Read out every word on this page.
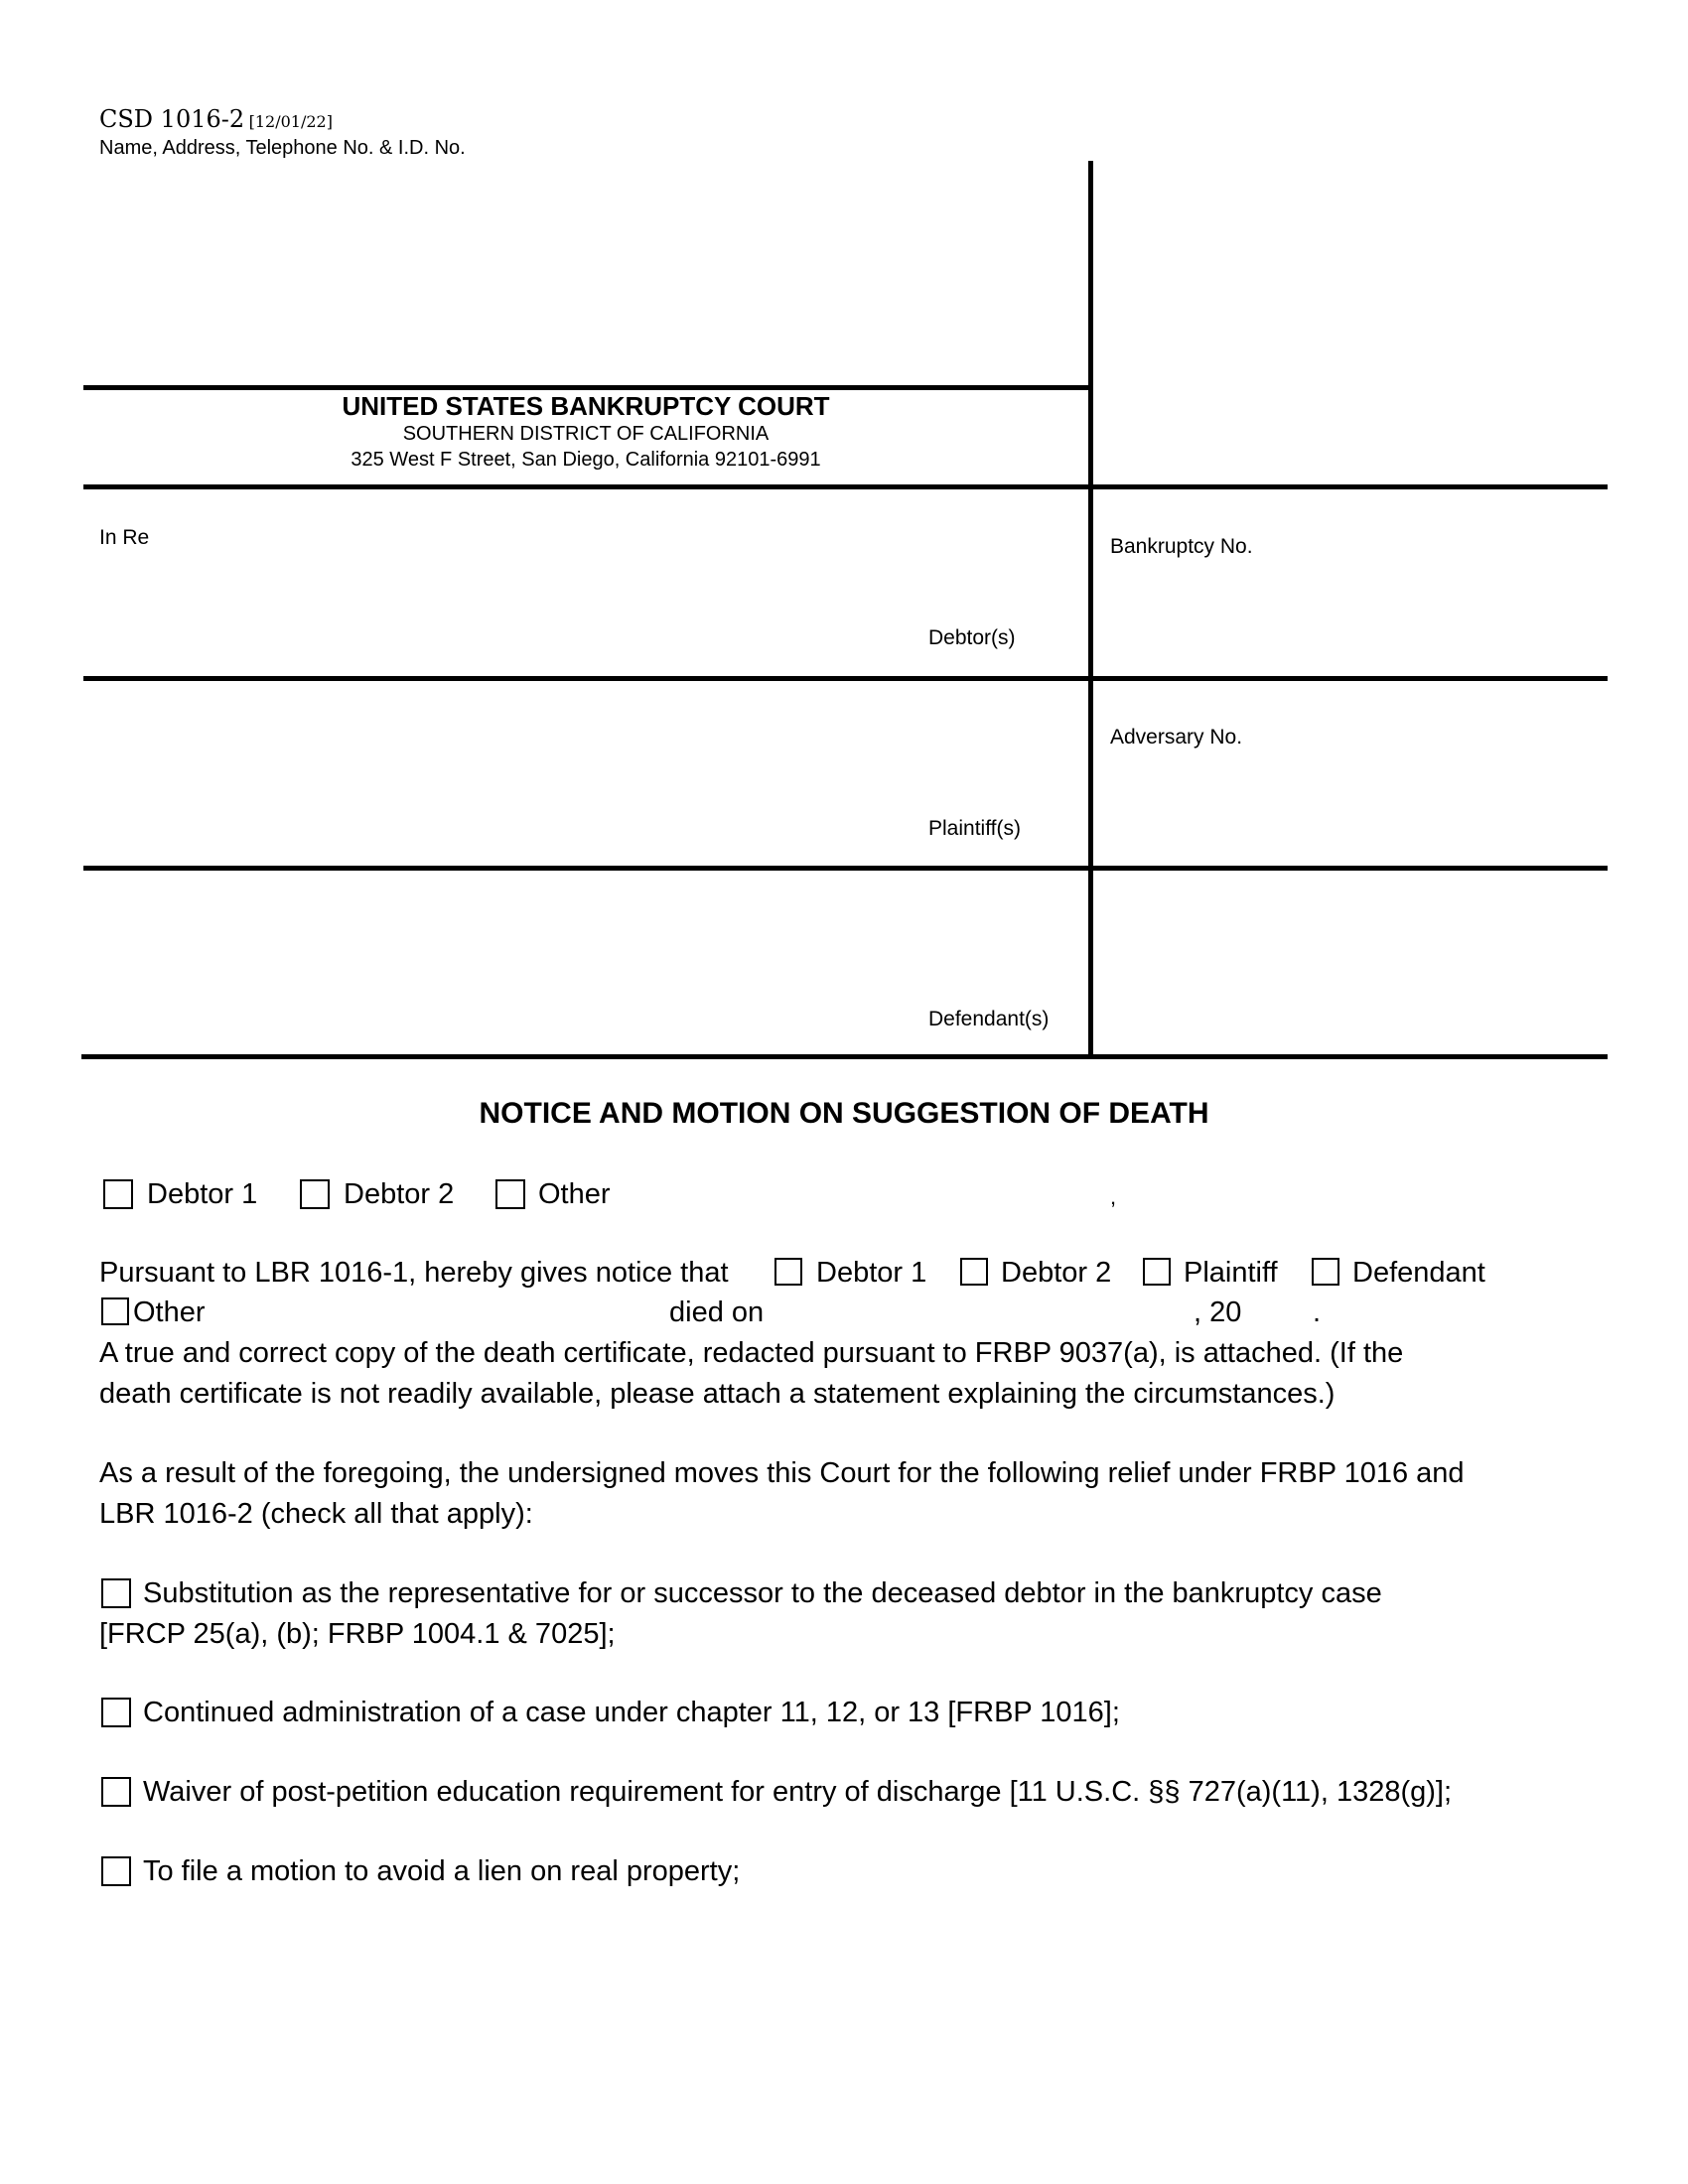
CSD 1016-2 [12/01/22]
Name, Address, Telephone No. & I.D. No.
UNITED STATES BANKRUPTCY COURT
SOUTHERN DISTRICT OF CALIFORNIA
325 West F Street, San Diego, California 92101-6991
In Re
Debtor(s)
Bankruptcy No.
Adversary No.
Plaintiff(s)
Defendant(s)
NOTICE AND MOTION ON SUGGESTION OF DEATH
Debtor 1	Debtor 2	Other	,
Pursuant to LBR 1016-1, hereby gives notice that	Debtor 1	Debtor 2	Plaintiff	Defendant
Other	died on	, 20 .
A true and correct copy of the death certificate, redacted pursuant to FRBP 9037(a), is attached. (If the
death certificate is not readily available, please attach a statement explaining the circumstances.)
As a result of the foregoing, the undersigned moves this Court for the following relief under FRBP 1016 and
LBR 1016-2 (check all that apply):
Substitution as the representative for or successor to the deceased debtor in the bankruptcy case
[FRCP 25(a), (b); FRBP 1004.1 & 7025];
Continued administration of a case under chapter 11, 12, or 13 [FRBP 1016];
Waiver of post-petition education requirement for entry of discharge [11 U.S.C. §§ 727(a)(11), 1328(g)];
To file a motion to avoid a lien on real property;
